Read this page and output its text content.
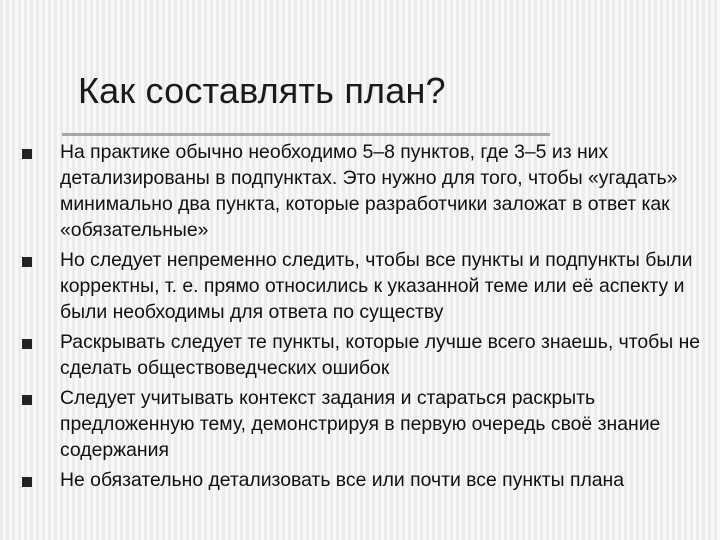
Как составлять план?
На практике обычно необходимо 5–8 пунктов, где 3–5 из них детализированы в подпунктах. Это нужно для того, чтобы «угадать» минимально два пункта, которые разработчики заложат в ответ как «обязательные»
Но следует непременно следить, чтобы все пункты и подпункты были корректны, т. е. прямо относились к указанной теме или её аспекту и были необходимы для ответа по существу
Раскрывать следует те пункты, которые лучше всего знаешь, чтобы не сделать обществоведческих ошибок
Следует учитывать контекст задания и стараться раскрыть предложенную тему, демонстрируя в первую очередь своё знание содержания
Не обязательно детализовать все или почти все пункты плана
